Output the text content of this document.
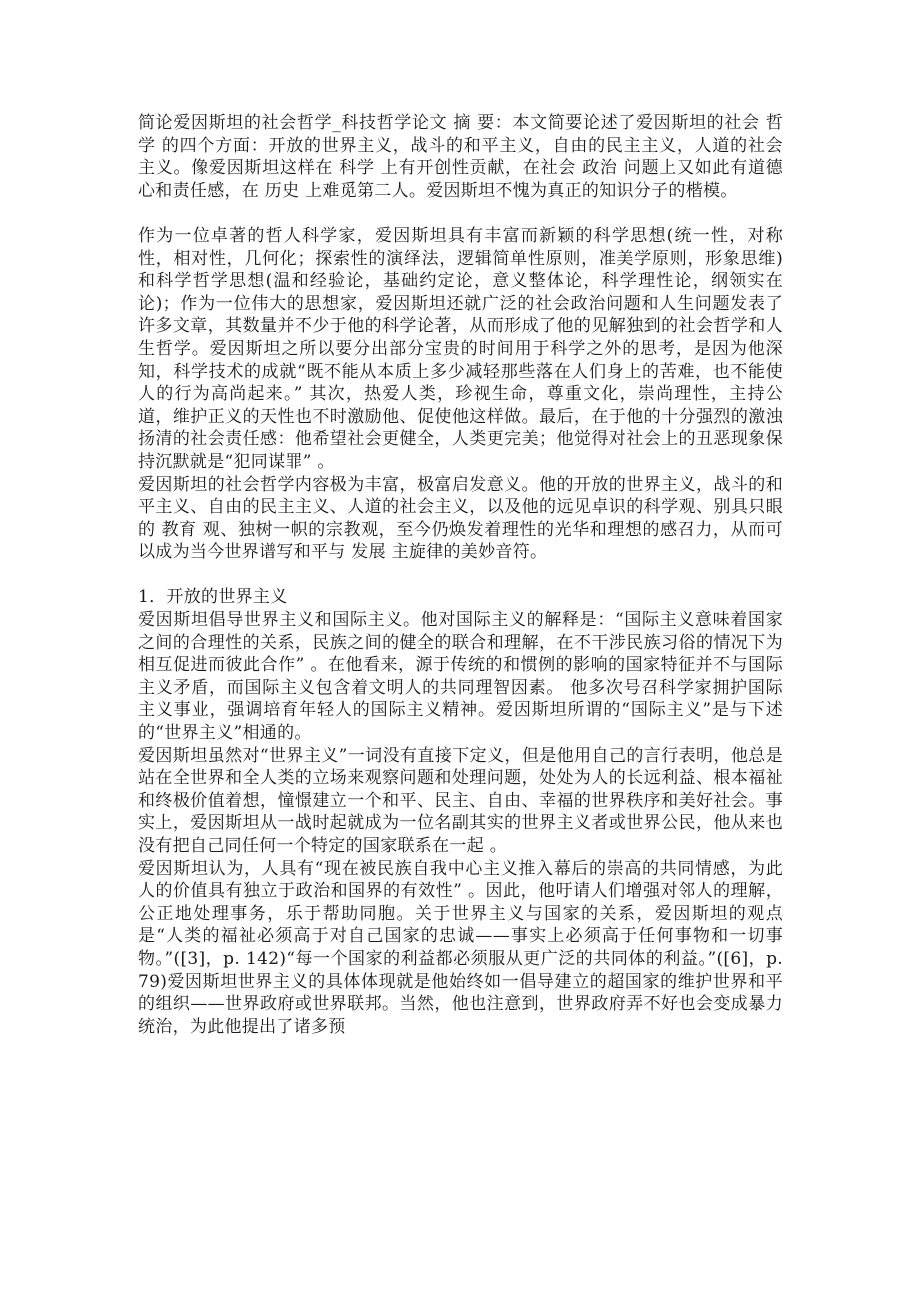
简论爱因斯坦的社会哲学_科技哲学论文 摘 要：本文简要论述了爱因斯坦的社会 哲学 的四个方面：开放的世界主义，战斗的和平主义，自由的民主主义，人道的社会主义。像爱因斯坦这样在 科学 上有开创性贡献，在社会 政治 问题上又如此有道德心和责任感，在 历史 上难觅第二人。爱因斯坦不愧为真正的知识分子的楷模。

作为一位卓著的哲人科学家，爱因斯坦具有丰富而新颖的科学思想(统一性，对称性，相对性，几何化；探索性的演绎法，逻辑简单性原则，准美学原则，形象思维)和科学哲学思想(温和经验论，基础约定论，意义整体论，科学理性论，纲领实在论)；作为一位伟大的思想家，爱因斯坦还就广泛的社会政治问题和人生问题发表了许多文章，其数量并不少于他的科学论著，从而形成了他的见解独到的社会哲学和人生哲学。爱因斯坦之所以要分出部分宝贵的时间用于科学之外的思考，是因为他深知，科学技术的成就“既不能从本质上多少减轻那些落在人们身上的苦难，也不能使人的行为高尚起来。” 其次，热爱人类，珍视生命，尊重文化，崇尚理性，主持公道，维护正义的天性也不时激励他、促使他这样做。最后，在于他的十分强烈的激浊扬清的社会责任感：他希望社会更健全，人类更完美；他觉得对社会上的丑恶现象保持沉默就是“犯同谋罪” 。

爱因斯坦的社会哲学内容极为丰富，极富启发意义。他的开放的世界主义，战斗的和平主义、自由的民主主义、人道的社会主义，以及他的远见卓识的科学观、别具只眼的 教育 观、独树一帜的宗教观，至今仍焕发着理性的光华和理想的感召力，从而可以成为当今世界谱写和平与 发展 主旋律的美妙音符。

1．开放的世界主义

爱因斯坦倡导世界主义和国际主义。他对国际主义的解释是：“国际主义意味着国家之间的合理性的关系，民族之间的健全的联合和理解，在不干涉民族习俗的情况下为相互促进而彼此合作” 。在他看来，源于传统的和惯例的影响的国家特征并不与国际主义矛盾，而国际主义包含着文明人的共同理智因素。 他多次号召科学家拥护国际主义事业，强调培育年轻人的国际主义精神。爱因斯坦所谓的“国际主义”是与下述的“世界主义”相通的。

爱因斯坦虽然对“世界主义”一词没有直接下定义，但是他用自己的言行表明，他总是站在全世界和全人类的立场来观察问题和处理问题，处处为人的长远利益、根本福祉和终极价值着想，憧憬建立一个和平、民主、自由、幸福的世界秩序和美好社会。事实上，爱因斯坦从一战时起就成为一位名副其实的世界主义者或世界公民，他从来也没有把自己同任何一个特定的国家联系在一起 。

爱因斯坦认为，人具有“现在被民族自我中心主义推入幕后的崇高的共同情感，为此人的价值具有独立于政治和国界的有效性” 。因此，他吁请人们增强对邻人的理解，公正地处理事务，乐于帮助同胞。关于世界主义与国家的关系，爱因斯坦的观点是“人类的福祉必须高于对自己国家的忠诚——事实上必须高于任何事物和一切事物。”([3]，p. 142)“每一个国家的利益都必须服从更广泛的共同体的利益。”([6]，p. 79)爱因斯坦世界主义的具体体现就是他始终如一倡导建立的超国家的维护世界和平的组织——世界政府或世界联邦。当然，他也注意到，世界政府弄不好也会变成暴力统治，为此他提出了诸多预
